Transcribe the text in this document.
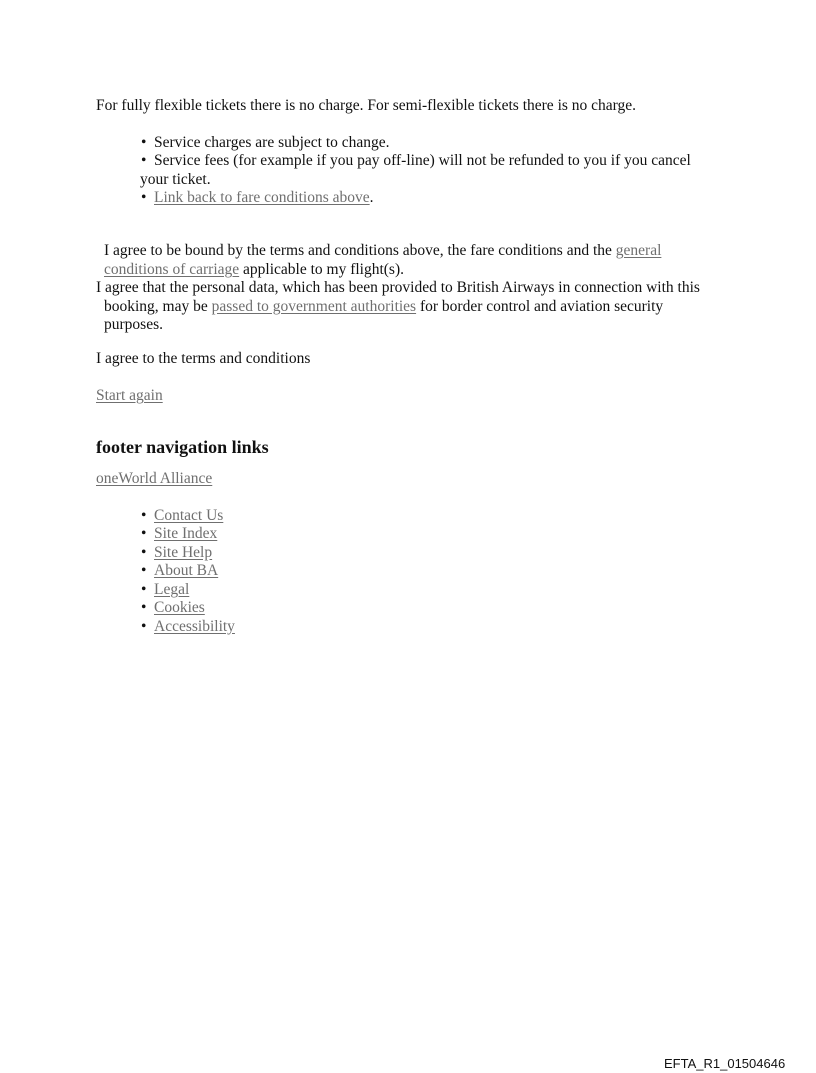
For fully flexible tickets there is no charge. For semi-flexible tickets there is no charge.
• Service charges are subject to change.
• Service fees (for example if you pay off-line) will not be refunded to you if you cancel
your ticket.
• Link back to fare conditions above.
I agree to be bound by the terms and conditions above, the fare conditions and the general
conditions of carriage applicable to my flight(s).
I agree that the personal data, which has been provided to British Airways in connection with this
booking, may be passed to government authorities for border control and aviation security
purposes.
I agree to the terms and conditions
Start again
footer navigation links
oneWorld Alliance
• Contact Us
• Site Index
• Site Help
• About BA
• Legal
• Cookies
• Accessibility
EFTA_R1_01504646
